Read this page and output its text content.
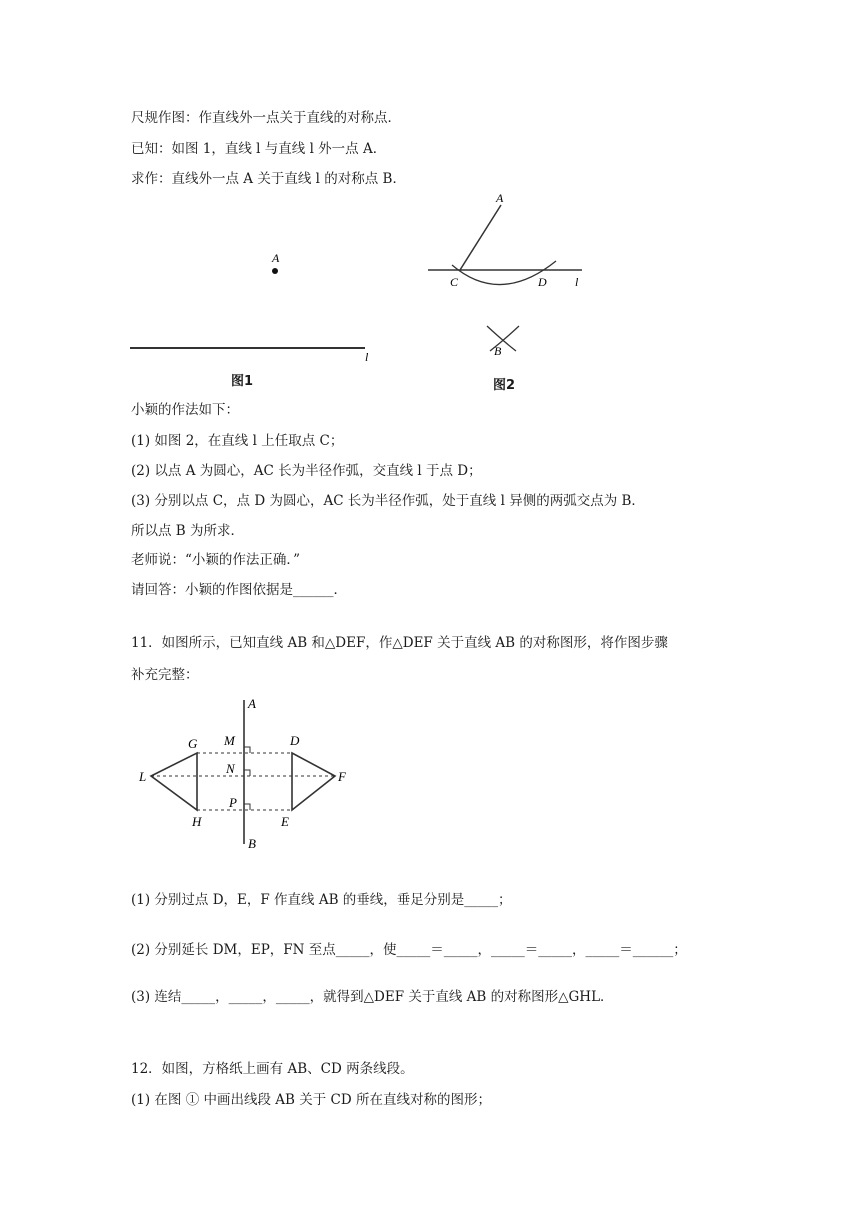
尺规作图：作直线外一点关于直线的对称点．
已知：如图 1，直线 l 与直线 l 外一点 A．
求作：直线外一点 A 关于直线 l 的对称点 B．
A
l
图1
A
C	D l
B
图2
小颖的作法如下：
(1) 如图 2，在直线 l 上任取点 C；
(2) 以点 A 为圆心，AC 长为半径作弧，交直线 l 于点 D；
(3) 分别以点 C，点 D 为圆心，AC 长为半径作弧，处于直线 l 异侧的两弧交点为 B．
所以点 B 为所求．
老师说：“小颖的作法正确．”
请回答：小颖的作图依据是______．
11．如图所示，已知直线 AB 和△DEF，作△DEF 关于直线 AB 的对称图形，将作图步骤
补充完整：
A
G M	D
L
N
F
P
H	E
B
(1) 分别过点 D，E，F 作直线 AB 的垂线，垂足分别是_____；
(2) 分别延长 DM，EP，FN 至点_____，使_____＝_____，_____＝_____，_____＝______；
(3) 连结_____，_____，_____，就得到△DEF 关于直线 AB 的对称图形△GHL．
12．如图，方格纸上画有 AB、CD 两条线段。
(1) 在图 ① 中画出线段 AB 关于 CD 所在直线对称的图形；
